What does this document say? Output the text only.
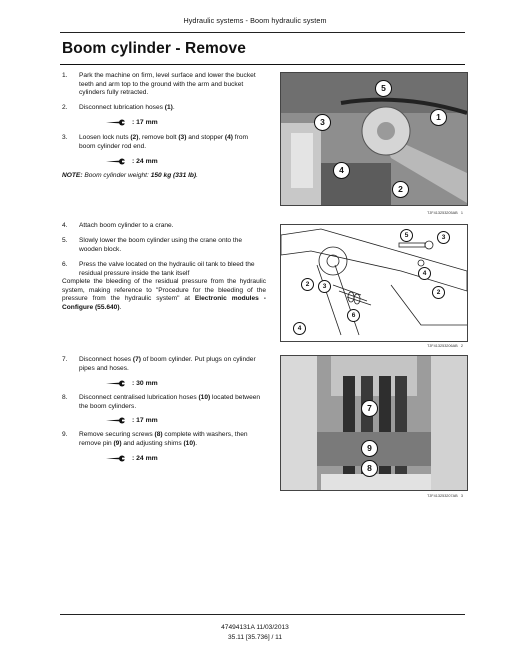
Hydraulic systems - Boom hydraulic system
Boom cylinder - Remove
1. Park the machine on firm, level surface and lower the bucket teeth and arm top to the ground with the arm and bucket cylinders fully retracted.
2. Disconnect lubrication hoses (1).
: 17 mm
3. Loosen lock nuts (2), remove bolt (3) and stopper (4) from boom cylinder rod end.
: 24 mm
NOTE: Boom cylinder weight: 150 kg (331 lb).
5
1
3
4
2
TJF413253205AB 1
4. Attach boom cylinder to a crane.
5. Slowly lower the boom cylinder using the crane onto the wooden block.
6. Press the valve located on the hydraulic oil tank to bleed the residual pressure inside the tank itself
Complete the bleeding of the residual pressure from the hydraulic system, making reference to "Procedure for the bleeding of the pressure from the hydraulic system" at Electronic modules - Configure (55.640).
5	3
4
2
2	3
6
4
TJF413253206AB 2
7. Disconnect hoses (7) of boom cylinder. Put plugs on cylinder pipes and hoses.
: 30 mm
8. Disconnect centralised lubrication hoses (10) located between the boom cylinders.
: 17 mm
9. Remove securing screws (8) complete with washers, then remove pin (9) and adjusting shims (10).
: 24 mm
7
9
8
TJF413253207AB 3
47494131A 11/03/2013
35.11 [35.736] / 11
